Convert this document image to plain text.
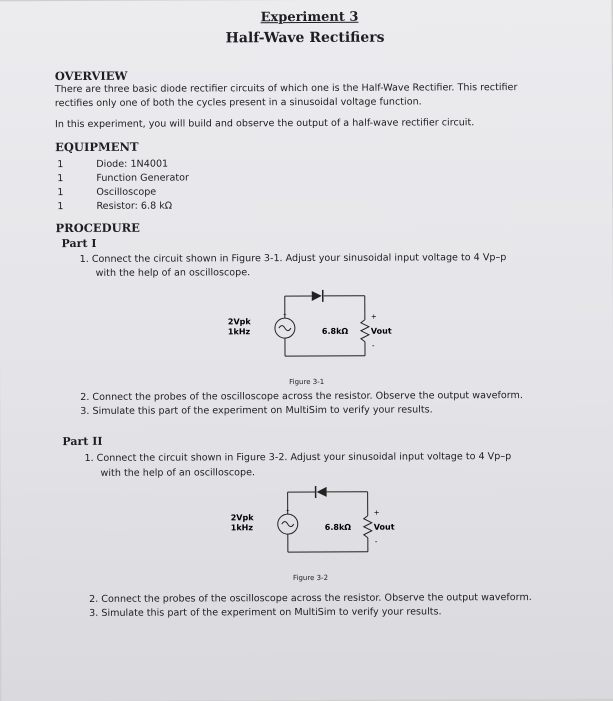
Experiment 3
Half-Wave Rectifiers
OVERVIEW
There are three basic diode rectifier circuits of which one is the Half-Wave Rectifier. This rectifier
rectifies only one of both the cycles present in a sinusoidal voltage function.
In this experiment, you will build and observe the output of a half-wave rectifier circuit.
EQUIPMENT
1	Diode: 1N4001
1	Function Generator
1	Oscilloscope
1	Resistor: 6.8 kΩ
PROCEDURE
Part I
1. Connect the circuit shown in Figure 3-1. Adjust your sinusoidal input voltage to 4 Vp–p
with the help of an oscilloscope.
+
2Vpk
1kHz	6.8kΩ	Vout
+
-
Figure 3-1
2. Connect the probes of the oscilloscope across the resistor. Observe the output waveform.
3. Simulate this part of the experiment on MultiSim to verify your results.
Part II
1. Connect the circuit shown in Figure 3-2. Adjust your sinusoidal input voltage to 4 Vp–p
with the help of an oscilloscope.
+
2Vpk
1kHz	6.8kΩ	Vout
+
-
Figure 3-2
2. Connect the probes of the oscilloscope across the resistor. Observe the output waveform.
3. Simulate this part of the experiment on MultiSim to verify your results.
